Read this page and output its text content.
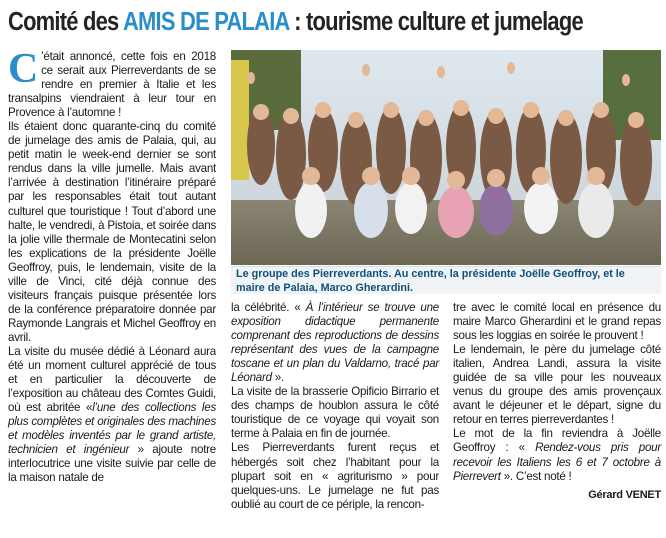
Comité des AMIS DE PALAIA : tourisme culture et jumelage

C ’était annoncé, cette fois en 2018 ce serait aux Pierreverdants de se rendre en premier à Italie et les transalpins viendraient à leur tour en Provence à l’automne !

Ils étaient donc quarante-cinq du comité de jumelage des amis de Palaia, qui, au petit matin le week-end dernier se sont rendus dans la ville jumelle. Mais avant l’arrivée à destination l’itinéraire préparé par les responsables était tout autant culturel que touristique ! Tout d’abord une halte, le vendredi, à Pistoia, et soirée dans la jolie ville thermale de Montecatini selon les explications de la présidente Joëlle Geoffroy, puis, le lendemain, visite de la ville de Vinci, cité déjà connue des visiteurs français puisque présentée lors de la conférence préparatoire donnée par Raymonde Langrais et Michel Geoffroy en avril.

La visite du musée dédié à Léonard aura été un moment culturel apprécié de tous et en particulier la découverte de l’exposition au château des Comtes Guidi, où est abritée «l’une des collections les plus complètes et originales des machines et modèles inventés par le grand artiste, technicien et ingénieur » ajoute notre interlocutrice une visite suivie par celle de la maison natale de

Le groupe des Pierreverdants. Au centre, la présidente Joëlle Geoffroy, et le maire de Palaia, Marco Gherardini.

la célébrité. « À l’intérieur se trouve une exposition didactique permanente comprenant des reproductions de dessins représentant des vues de la campagne toscane et un plan du Valdarno, tracé par Léonard ».

La visite de la brasserie Opificio Birrario et des champs de houblon assura le côté touristique de ce voyage qui voyait son terme à Palaia en fin de journée.

Les Pierreverdants furent reçus et hébergés soit chez l’habitant pour la plupart soit en « agriturismo » pour quelques-uns. Le jumelage ne fut pas oublié au court de ce périple, la rencon-

tre avec le comité local en présence du maire Marco Gherardini et le grand repas sous les loggias en soirée le prouvent !

Le lendemain, le père du jumelage côté italien, Andrea Landi, assura la visite guidée de sa ville pour les nouveaux venus du groupe des amis provençaux avant le déjeuner et le départ, signe du retour en terres pierreverdantes !

Le mot de la fin reviendra à Joëlle Geoffroy : « Rendez-vous pris pour recevoir les Italiens les 6 et 7 octobre à Pierrevert ». C’est noté !

Gérard VENET
